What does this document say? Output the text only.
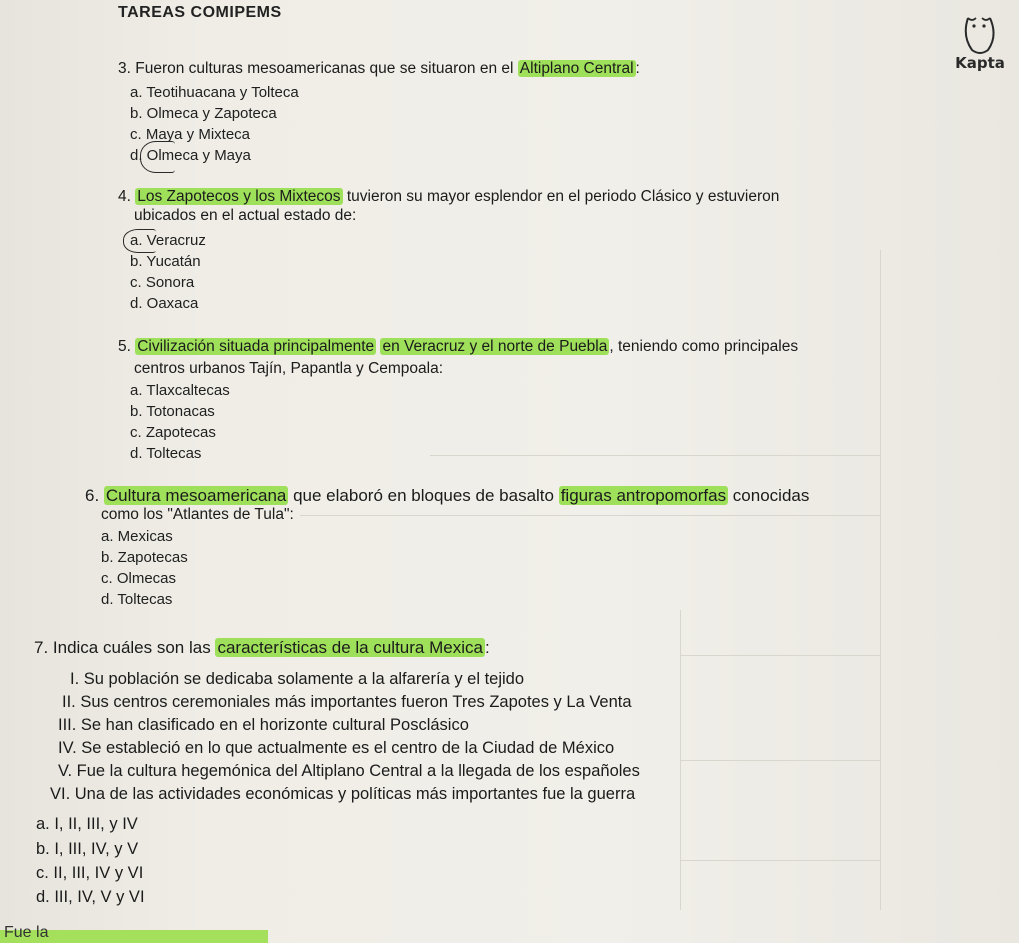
TAREAS COMIPEMS
Kapta
3. Fueron culturas mesoamericanas que se situaron en el Altiplano Central :
a. Teotihuacana y Tolteca
b. Olmeca y Zapoteca
c. Maya y Mixteca
d. Olmeca y Maya
4. Los Zapotecos y los Mixtecos tuvieron su mayor esplendor en el periodo Clásico y estuvieron
ubicados en el actual estado de:
a. Veracruz
b. Yucatán
c. Sonora
d. Oaxaca
5. Civilización situada principalmente en Veracruz y el norte de Puebla , teniendo como principales
centros urbanos Tajín, Papantla y Cempoala:
a. Tlaxcaltecas
b. Totonacas
c. Zapotecas
d. Toltecas
6. Cultura mesoamericana que elaboró en bloques de basalto figuras antropomorfas conocidas
como los "Atlantes de Tula":
a. Mexicas
b. Zapotecas
c. Olmecas
d. Toltecas
7. Indica cuáles son las características de la cultura Mexica :
I. Su población se dedicaba solamente a la alfarería y el tejido
II. Sus centros ceremoniales más importantes fueron Tres Zapotes y La Venta
III. Se han clasificado en el horizonte cultural Posclásico
IV. Se estableció en lo que actualmente es el centro de la Ciudad de México
V. Fue la cultura hegemónica del Altiplano Central a la llegada de los españoles
VI. Una de las actividades económicas y políticas más importantes fue la guerra
a. I, II, III, y IV
b. I, III, IV, y V
c. II, III, IV y VI
d. III, IV, V y VI
Fue la
